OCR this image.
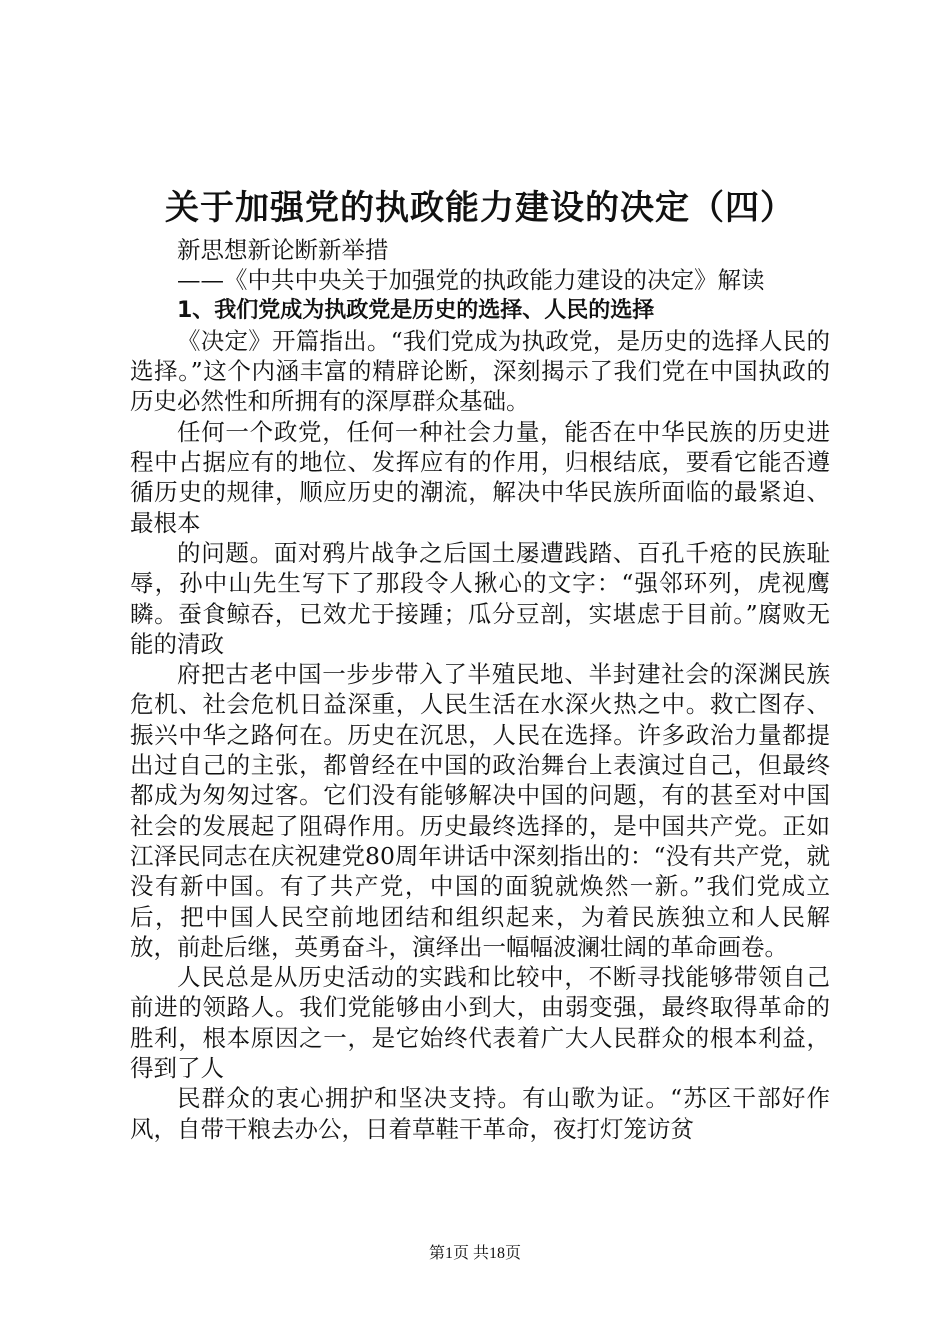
关于加强党的执政能力建设的决定（四）

新思想新论断新举措

——《中共中央关于加强党的执政能力建设的决定》解读

1、我们党成为执政党是历史的选择、人民的选择

《决定》开篇指出。“我们党成为执政党，是历史的选择人民的选择。”这个内涵丰富的精辟论断，深刻揭示了我们党在中国执政的历史必然性和所拥有的深厚群众基础。

任何一个政党，任何一种社会力量，能否在中华民族的历史进程中占据应有的地位、发挥应有的作用，归根结底，要看它能否遵循历史的规律，顺应历史的潮流，解决中华民族所面临的最紧迫、最根本

的问题。面对鸦片战争之后国土屡遭践踏、百孔千疮的民族耻辱，孙中山先生写下了那段令人揪心的文字：“强邻环列，虎视鹰瞵。蚕食鲸吞，已效尤于接踵；瓜分豆剖，实堪虑于目前。”腐败无能的清政

府把古老中国一步步带入了半殖民地、半封建社会的深渊民族危机、社会危机日益深重，人民生活在水深火热之中。救亡图存、振兴中华之路何在。历史在沉思，人民在选择。许多政治力量都提出过自己的主张，都曾经在中国的政治舞台上表演过自己，但最终都成为匆匆过客。它们没有能够解决中国的问题，有的甚至对中国社会的发展起了阻碍作用。历史最终选择的，是中国共产党。正如江泽民同志在庆祝建党80周年讲话中深刻指出的：“没有共产党，就没有新中国。有了共产党，中国的面貌就焕然一新。”我们党成立后，把中国人民空前地团结和组织起来，为着民族独立和人民解放，前赴后继，英勇奋斗，演绎出一幅幅波澜壮阔的革命画卷。

人民总是从历史活动的实践和比较中，不断寻找能够带领自己前进的领路人。我们党能够由小到大，由弱变强，最终取得革命的胜利，根本原因之一，是它始终代表着广大人民群众的根本利益，得到了人

民群众的衷心拥护和坚决支持。有山歌为证。“苏区干部好作风，自带干粮去办公，日着草鞋干革命，夜打灯笼访贫

第1页 共18页
